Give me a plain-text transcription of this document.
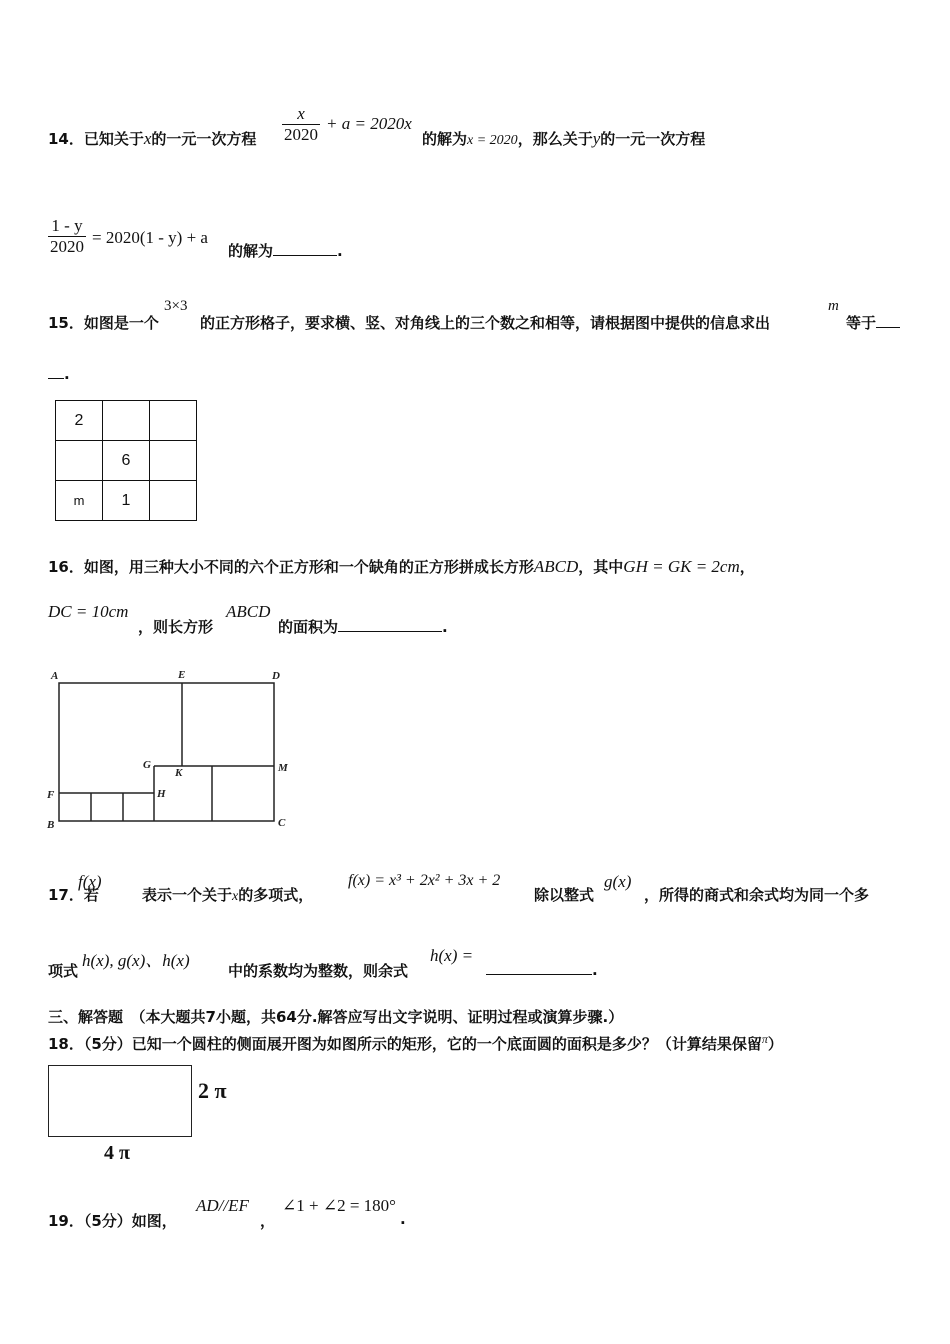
14．已知关于x的一元一次方程 $\frac{x}{2020} + a = 2020x$
的解为x = 2020，那么关于y的一元一次方程
$\frac{1 - y}{2020} = 2020(1 - y) + a$
的解为	.
15．如图是一个
3×3
的正方形格子，要求横、竖、对角线上的三个数之和相等，请根据图中提供的信息求出
m
等于
.
2		
	6	
m	1	
16．如图，用三种大小不同的六个正方形和一个缺角的正方形拼成长方形ABCD，其中GH = GK = 2cm，
DC = 10cm
，则长方形
ABCD
的面积为	.
A	E	D
G
K	M
F	H
B	C
17．若
f(x)
表示一个关于x的多项式，
f(x) = x³ + 2x² + 3x + 2
除以整式
g(x)
，所得的商式和余式均为同一个多
项式
h(x), g(x)、h(x)
中的系数均为整数，则余式
h(x) =
.
三、解答题　（本大题共7小题，共64分.解答应写出文字说明、证明过程或演算步骤.）
18．（5分）已知一个圆柱的侧面展开图为如图所示的矩形，它的一个底面圆的面积是多少？（计算结果保留$^\pi$）
2 π
4 π
19．（5分）如图，
AD//EF
，
∠1 + ∠2 = 180°
.
